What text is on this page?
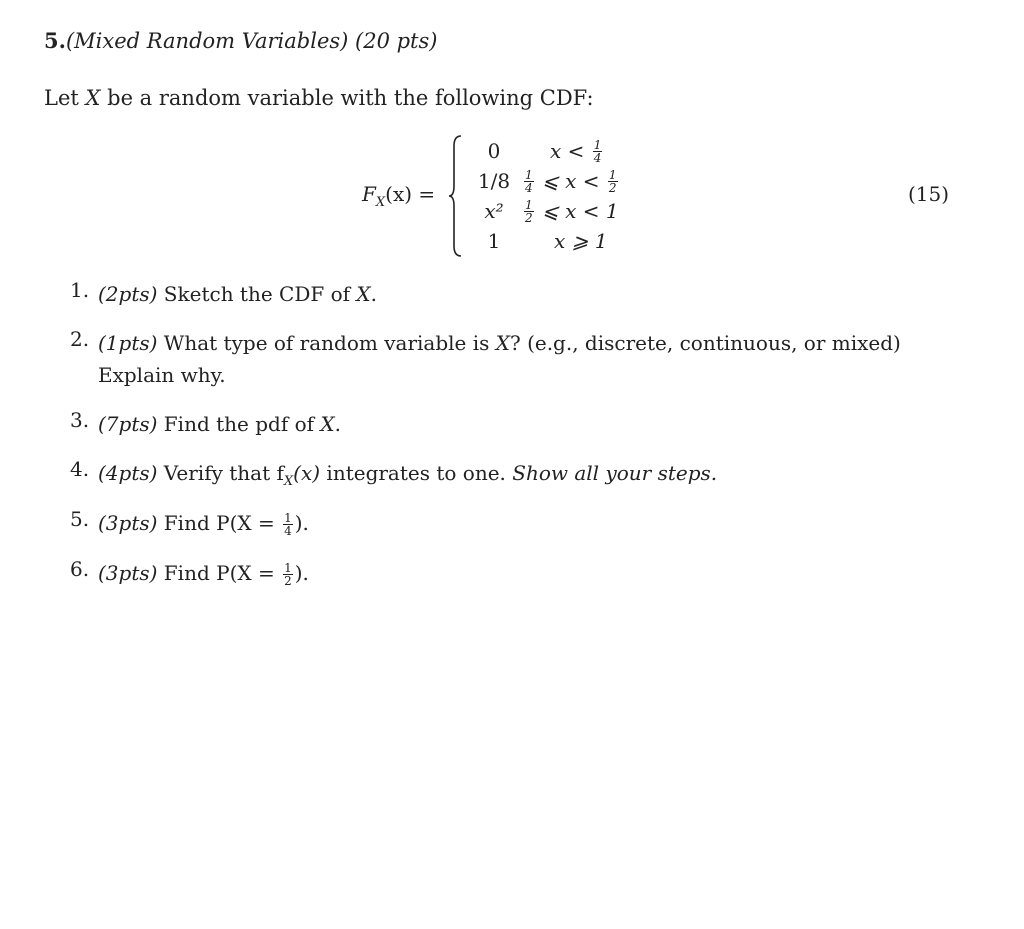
5.(Mixed Random Variables) (20 pts)
Let X be a random variable with the following CDF:
$F_X(x)$ =
0	$x < \frac{1}{4}$
1/8	$\frac{1}{4}$ ⩽ $x < \frac{1}{2}$
x²	$\frac{1}{2}$ ⩽ x < 1
1	x ⩾ 1
(15)
1. (2pts) Sketch the CDF of X.
2. (1pts) What type of random variable is X? (e.g., discrete, continuous, or mixed) Explain why.
3. (7pts) Find the pdf of X.
4. (4pts) Verify that $f_X(x)$ integrates to one. Show all your steps.
5. (3pts) Find $P(X = \frac{1}{4}$ ).
6. (3pts) Find $P(X = \frac{1}{2}$ ).
